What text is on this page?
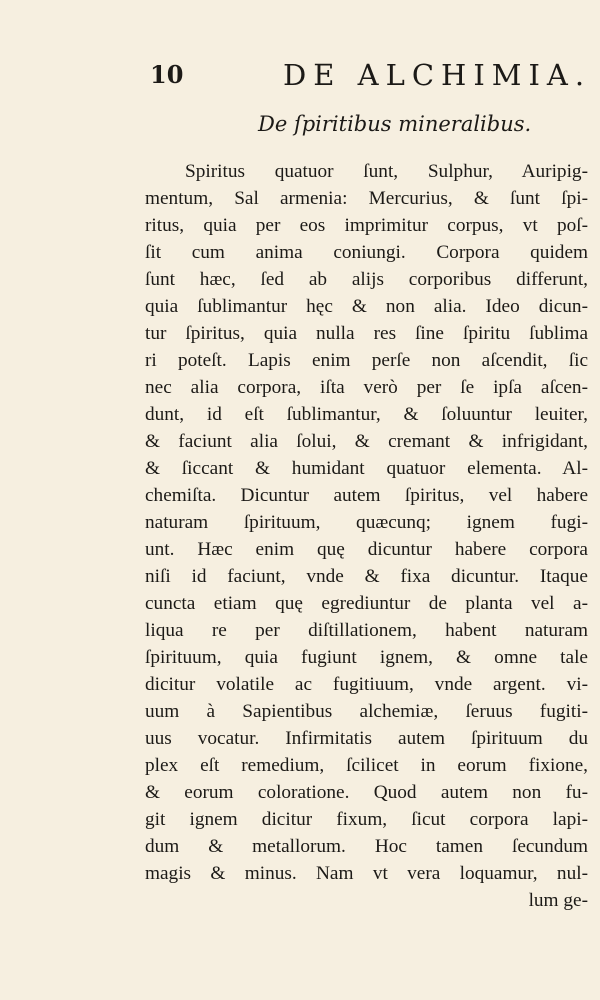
10	DE ALCHIMIA.
De ſpiritibus mineralibus.
Spiritus quatuor ſunt, Sulphur, Auripig-
mentum, Sal armenia: Mercurius, & ſunt ſpi-
ritus, quia per eos imprimitur corpus, vt poſ-
ſit cum anima coniungi. Corpora quidem
ſunt hæc, ſed ab alijs corporibus differunt,
quia ſublimantur hęc & non alia. Ideo dicun-
tur ſpiritus, quia nulla res ſine ſpiritu ſublima
ri poteſt. Lapis enim perſe non aſcendit, ſic
nec alia corpora, iſta verò per ſe ipſa aſcen-
dunt, id eſt ſublimantur, & ſoluuntur leuiter,
& faciunt alia ſolui, & cremant & infrigidant,
& ſiccant & humidant quatuor elementa. Al-
chemiſta. Dicuntur autem ſpiritus, vel habere
naturam ſpirituum, quæcunq; ignem fugi-
unt. Hæc enim quę dicuntur habere corpora
niſi id faciunt, vnde & fixa dicuntur. Itaque
cuncta etiam quę egrediuntur de planta vel a-
liqua re per diſtillationem, habent naturam
ſpirituum, quia fugiunt ignem, & omne tale
dicitur volatile ac fugitiuum, vnde argent. vi-
uum à Sapientibus alchemiæ, ſeruus fugiti-
uus vocatur. Infirmitatis autem ſpirituum du
plex eſt remedium, ſcilicet in eorum fixione,
& eorum coloratione. Quod autem non fu-
git ignem dicitur fixum, ſicut corpora lapi-
dum & metallorum. Hoc tamen ſecundum
magis & minus. Nam vt vera loquamur, nul-
lum ge-
